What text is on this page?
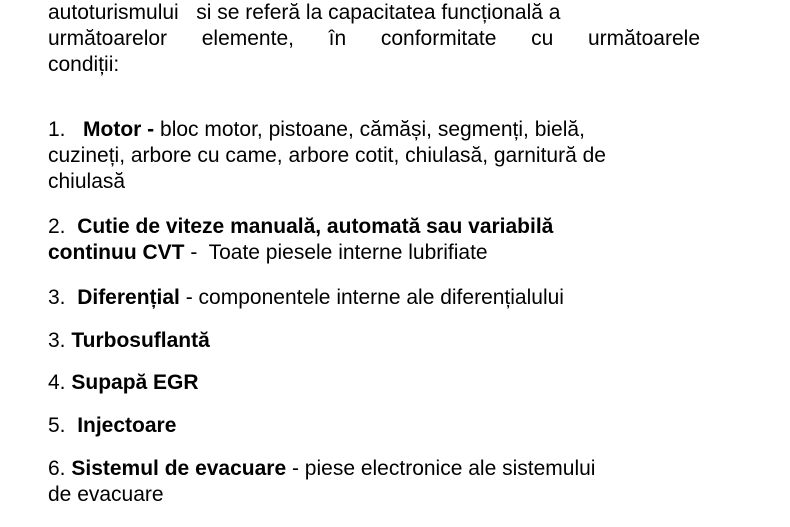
autoturismului   si se referă la capacitatea funcțională a
următoarelor elemente, în conformitate cu următoarele
condiții:

1. Motor - bloc motor, pistoane, cămăși, segmenți, bielă,
cuzineți, arbore cu came, arbore cotit, chiulasă, garnitură de
chiulasă

2. Cutie de viteze manuală, automată sau variabilă
continuu CVT -  Toate piesele interne lubrifiate

3. Diferențial - componentele interne ale diferențialului

3. Turbosuflantă

4. Supapă EGR

5. Injectoare

6. Sistemul de evacuare - piese electronice ale sistemului
de evacuare
